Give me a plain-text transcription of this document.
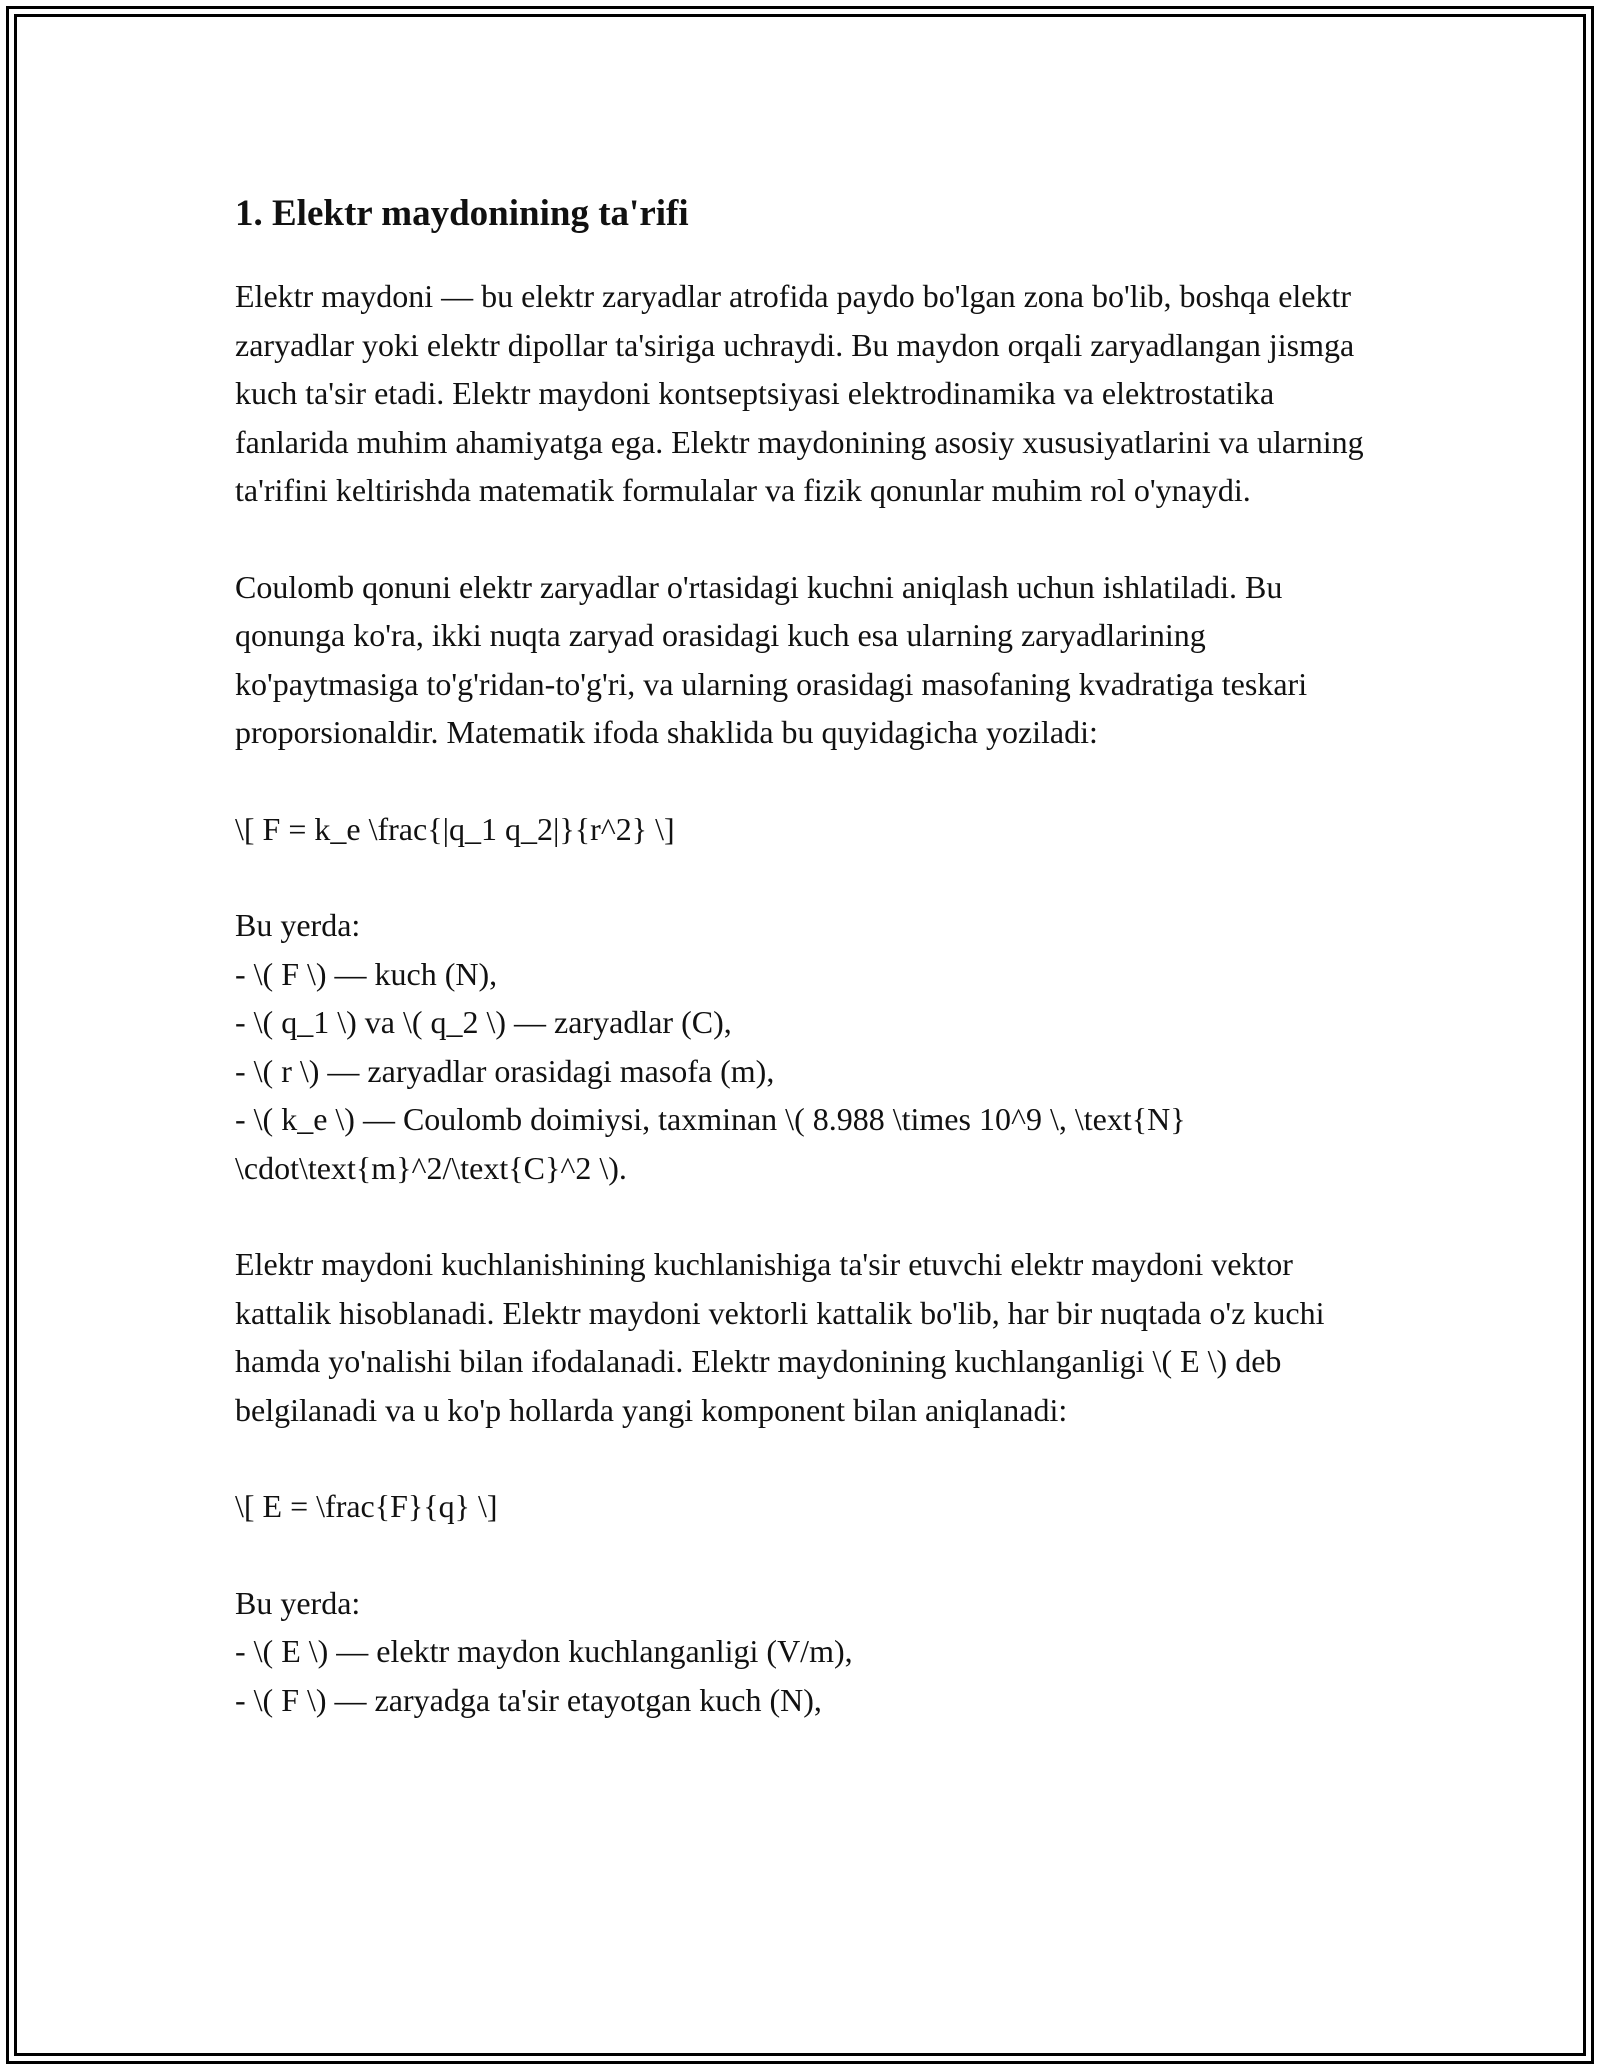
1. Elektr maydonining ta'rifi

Elektr maydoni — bu elektr zaryadlar atrofida paydo bo'lgan zona bo'lib, boshqa elektr zaryadlar yoki elektr dipollar ta'siriga uchraydi. Bu maydon orqali zaryadlangan jismga kuch ta'sir etadi. Elektr maydoni kontseptsiyasi elektrodinamika va elektrostatika fanlarida muhim ahamiyatga ega. Elektr maydonining asosiy xususiyatlarini va ularning ta'rifini keltirishda matematik formulalar va fizik qonunlar muhim rol o'ynaydi.

Coulomb qonuni elektr zaryadlar o'rtasidagi kuchni aniqlash uchun ishlatiladi. Bu qonunga ko'ra, ikki nuqta zaryad orasidagi kuch esa ularning zaryadlarining ko'paytmasiga to'g'ridan-to'g'ri, va ularning orasidagi masofaning kvadratiga teskari proporsionaldir. Matematik ifoda shaklida bu quyidagicha yoziladi:

\[ F = k_e \frac{|q_1 q_2|}{r^2} \]

Bu yerda:
- \( F \) — kuch (N),
- \( q_1 \) va \( q_2 \) — zaryadlar (C),
- \( r \) — zaryadlar orasidagi masofa (m),
- \( k_e \) — Coulomb doimiysi, taxminan \( 8.988 \times 10^9 \, \text{N} \cdot\text{m}^2/\text{C}^2 \).

Elektr maydoni kuchlanishining kuchlanishiga ta'sir etuvchi elektr maydoni vektor kattalik hisoblanadi. Elektr maydoni vektorli kattalik bo'lib, har bir nuqtada o'z kuchi hamda yo'nalishi bilan ifodalanadi. Elektr maydonining kuchlanganligi \( E \) deb belgilanadi va u ko'p hollarda yangi komponent bilan aniqlanadi:

\[ E = \frac{F}{q} \]

Bu yerda:
- \( E \) — elektr maydon kuchlanganligi (V/m),
- \( F \) — zaryadga ta'sir etayotgan kuch (N),
